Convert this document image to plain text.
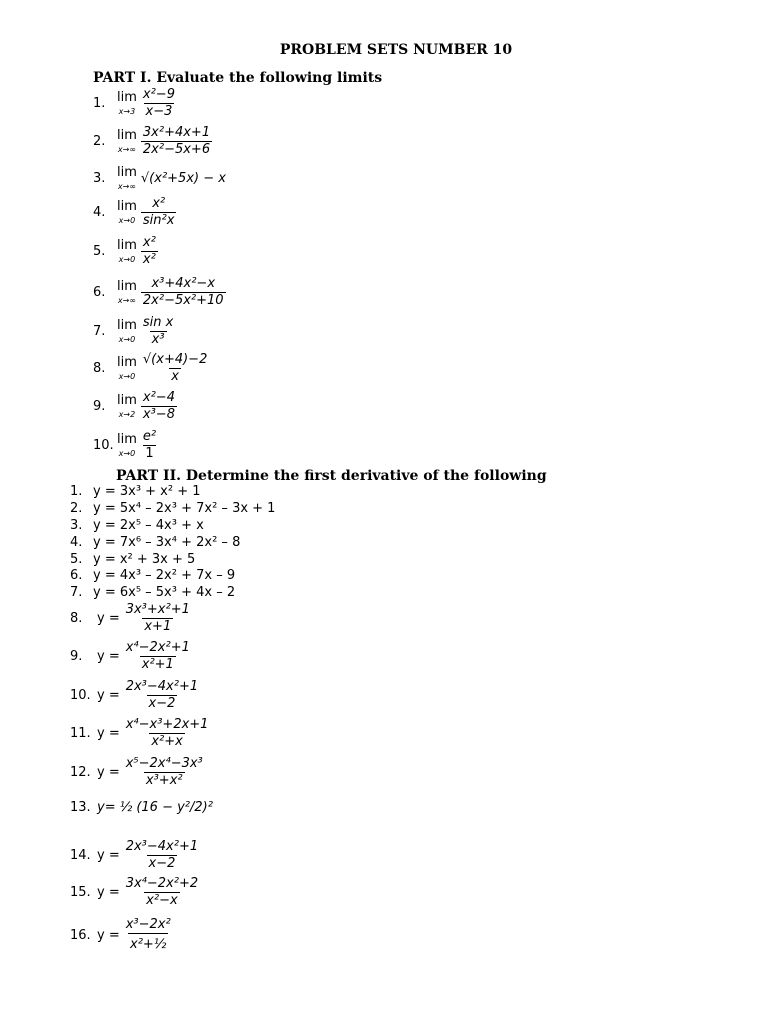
PROBLEM SETS NUMBER 10
PART I. Evaluate the following limits
1. lim
$x\to 3 \frac{\text{x²−9}}{x-3}$
2. lim
$x\to\infty \frac{\text{3x²+4x+1}}{\text{2x²−5x+6}}$
3. lim
x→∞
√(x²+5x) − x
4. lim
$x\to 0 \frac{\text{x²}}{\text{sin²x}}$
5. lim
$x\to 0 \frac{\text{x²}}{\text{x²}}$
6. lim
$x\to\infty \frac{\text{x³+4x²−x}}{\text{2x²−5x²+10}}$
7. lim
$x\to 0 \frac{\text{sin x}}{\text{x³}}$
8. lim
$x\to 0 \frac{√(x+4)-2}{x}$
9. lim
$x\to 2 \frac{\text{x²−4}}{\text{x³−8}}$
10. lim
$x\to 0 \frac{\text{e²}}{1}$
PART II. Determine the first derivative of the following
1. y = 3x³ + x² + 1
2. y = 5x⁴ – 2x³ + 7x² – 3x + 1
3. y = 2x⁵ – 4x³ + x
4. y = 7x⁶ – 3x⁴ + 2x² – 8
5. y = x² + 3x + 5
6. y = 4x³ – 2x² + 7x – 9
7. y = 6x⁵ – 5x³ + 4x – 2
8.	$y = \frac{\text{3x³+x²+1}}{x+1}$
9.	$y = \frac{\text{x⁴−2x²+1}}{\text{x²+1}}$
10. $y = \frac{\text{2x³−4x²+1}}{x-2}$
11. $y = \frac{\text{x⁴−x³+2x+1}}{\text{x²+x}}$
12. $y = \frac{\text{x⁵−2x⁴−3x³}}{\text{x³+x²}}$
13. y= ½ (16 − y²/2)²
14. $y = \frac{\text{2x³−4x²+1}}{x-2}$
15. $y = \frac{\text{3x⁴−2x²+2}}{\text{x²−x}}$
16. $y = \frac{\text{x³−2x²}}{\text{x²+½}}$
